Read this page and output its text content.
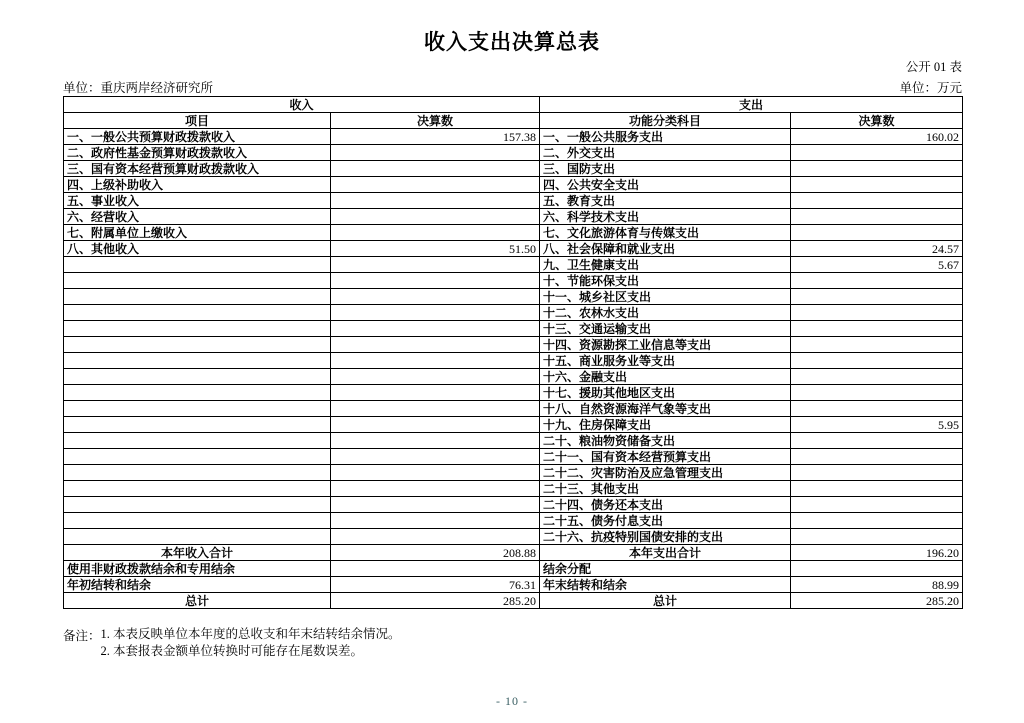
收入支出决算总表
公开 01 表
单位：重庆两岸经济研究所	单位：万元
收入		支出	
项目	决算数	功能分类科目	决算数
一、一般公共预算财政拨款收入	157.38	一、一般公共服务支出	160.02
二、政府性基金预算财政拨款收入		二、外交支出	
三、国有资本经营预算财政拨款收入		三、国防支出	
四、上级补助收入		四、公共安全支出	
五、事业收入		五、教育支出	
六、经营收入		六、科学技术支出	
七、附属单位上缴收入		七、文化旅游体育与传媒支出	
八、其他收入	51.50	八、社会保障和就业支出	24.57
		九、卫生健康支出	5.67
		十、节能环保支出	
		十一、城乡社区支出	
		十二、农林水支出	
		十三、交通运输支出	
		十四、资源勘探工业信息等支出	
		十五、商业服务业等支出	
		十六、金融支出	
		十七、援助其他地区支出	
		十八、自然资源海洋气象等支出	
		十九、住房保障支出	5.95
		二十、粮油物资储备支出	
		二十一、国有资本经营预算支出	
		二十二、灾害防治及应急管理支出	
		二十三、其他支出	
		二十四、债务还本支出	
		二十五、债务付息支出	
		二十六、抗疫特别国债安排的支出	
本年收入合计	208.88	本年支出合计	196.20
使用非财政拨款结余和专用结余		结余分配	
年初结转和结余	76.31	年末结转和结余	88.99
总计	285.20	总计	285.20
备注： 1. 本表反映单位本年度的总收支和年末结转结余情况。
2. 本套报表金额单位转换时可能存在尾数误差。
- 10 -
